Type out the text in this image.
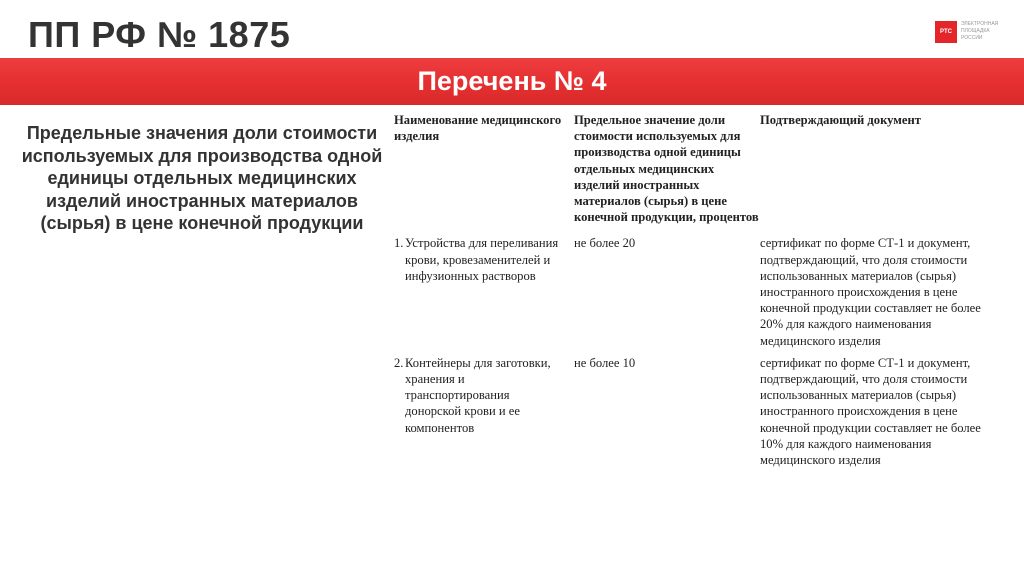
ПП РФ № 1875	РТС
ЭЛЕКТРОННАЯ ПЛОЩАДКА РОССИИ
Перечень № 4
Предельные значения доли стоимости используемых для производства одной единицы отдельных медицинских изделий иностранных материалов (сырья) в цене конечной продукции
Наименование медицинского изделия	Предельное значение доли стоимости используемых для производства одной единицы отдельных медицинских изделий иностранных материалов (сырья) в цене конечной продукции, процентов	Подтверждающий документ
1. Устройства для переливания крови, кровезаменителей и инфузионных растворов	не более 20	сертификат по форме СТ-1 и документ, подтверждающий, что доля стоимости использованных материалов (сырья) иностранного происхождения в цене конечной продукции составляет не более 20% для каждого наименования медицинского изделия
2. Контейнеры для заготовки, хранения и транспортирования донорской крови и ее компонентов	не более 10	сертификат по форме СТ-1 и документ, подтверждающий, что доля стоимости использованных материалов (сырья) иностранного происхождения в цене конечной продукции составляет не более 10% для каждого наименования медицинского изделия
